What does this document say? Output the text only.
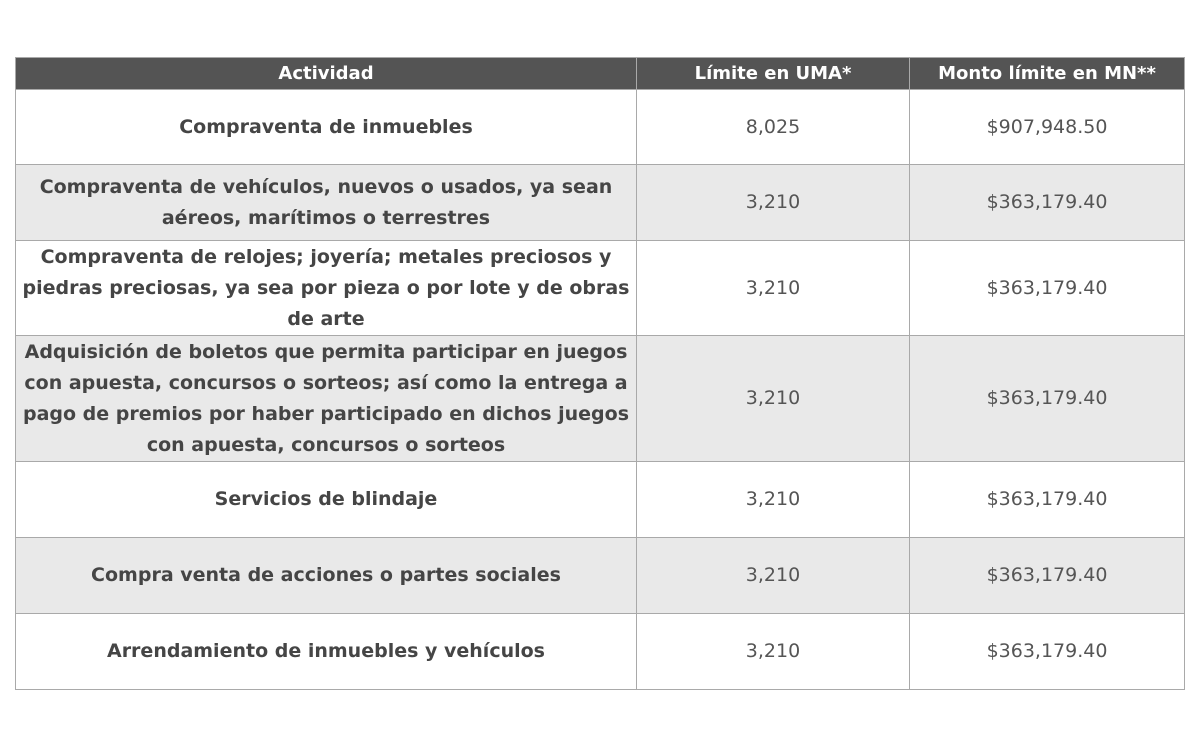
Actividad	Límite en UMA*	Monto límite en MN**
Compraventa de inmuebles	8,025	$907,948.50
Compraventa de vehículos, nuevos o usados, ya sean aéreos, marítimos o terrestres	3,210	$363,179.40
Compraventa de relojes; joyería; metales preciosos y piedras preciosas, ya sea por pieza o por lote y de obras de arte	3,210	$363,179.40
Adquisición de boletos que permita participar en juegos con apuesta, concursos o sorteos; así como la entrega a pago de premios por haber participado en dichos juegos con apuesta, concursos o sorteos	3,210	$363,179.40
Servicios de blindaje	3,210	$363,179.40
Compra venta de acciones o partes sociales	3,210	$363,179.40
Arrendamiento de inmuebles y vehículos	3,210	$363,179.40
